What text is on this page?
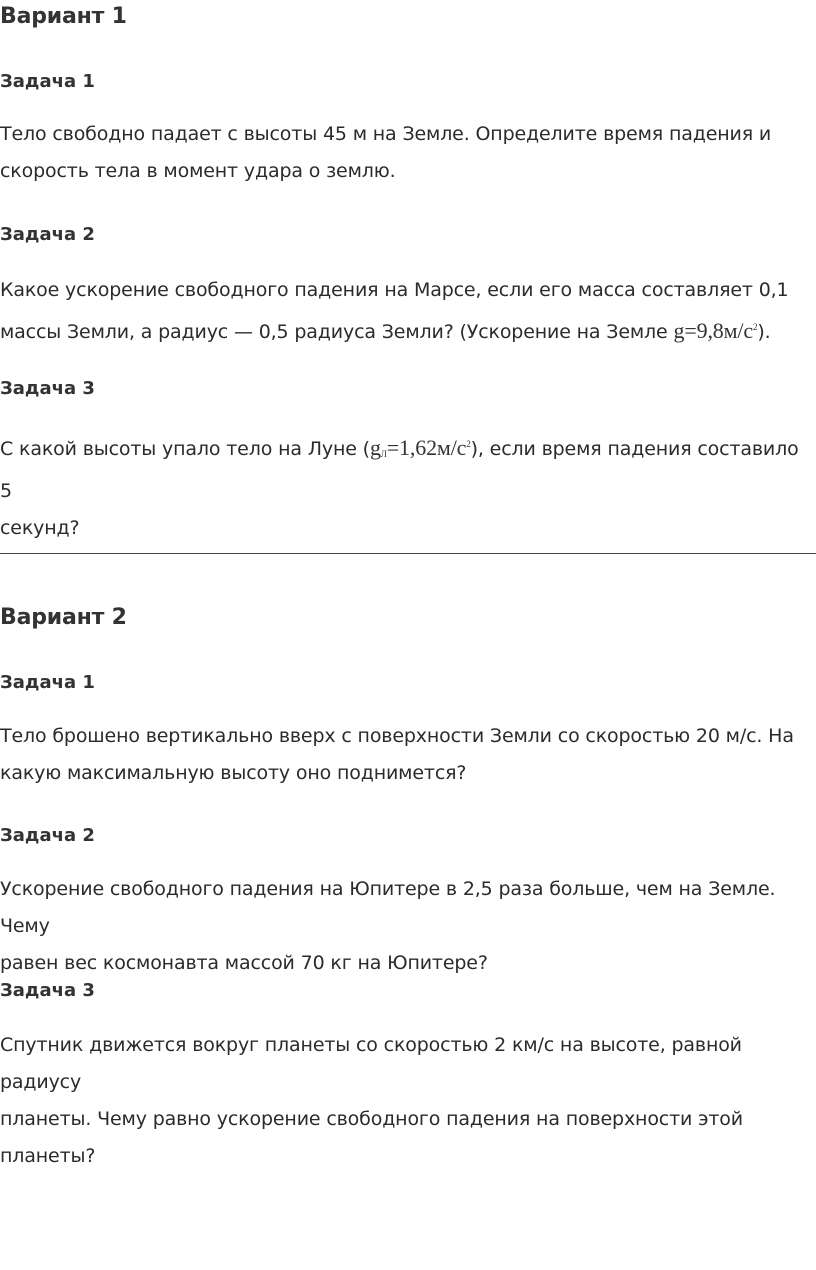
Вариант 1
Задача 1

Тело свободно падает с высоты 45 м на Земле. Определите время падения и
скорость тела в момент удара о землю.

Задача 2

Какое ускорение свободного падения на Марсе, если его масса составляет 0,1
массы Земли, а радиус — 0,5 радиуса Земли? (Ускорение на Земле $g=9,8м/с^2$).

Задача 3

С какой высоты упало тело на Луне $(g_Л=1,62м/с^2)$, если время падения составило 5
секунд?

Вариант 2
Задача 1

Тело брошено вертикально вверх с поверхности Земли со скоростью 20 м/с. На
какую максимальную высоту оно поднимется?

Задача 2

Ускорение свободного падения на Юпитере в 2,5 раза больше, чем на Земле. Чему
равен вес космонавта массой 70 кг на Юпитере?

Задача 3

Спутник движется вокруг планеты со скоростью 2 км/с на высоте, равной радиусу
планеты. Чему равно ускорение свободного падения на поверхности этой
планеты?
